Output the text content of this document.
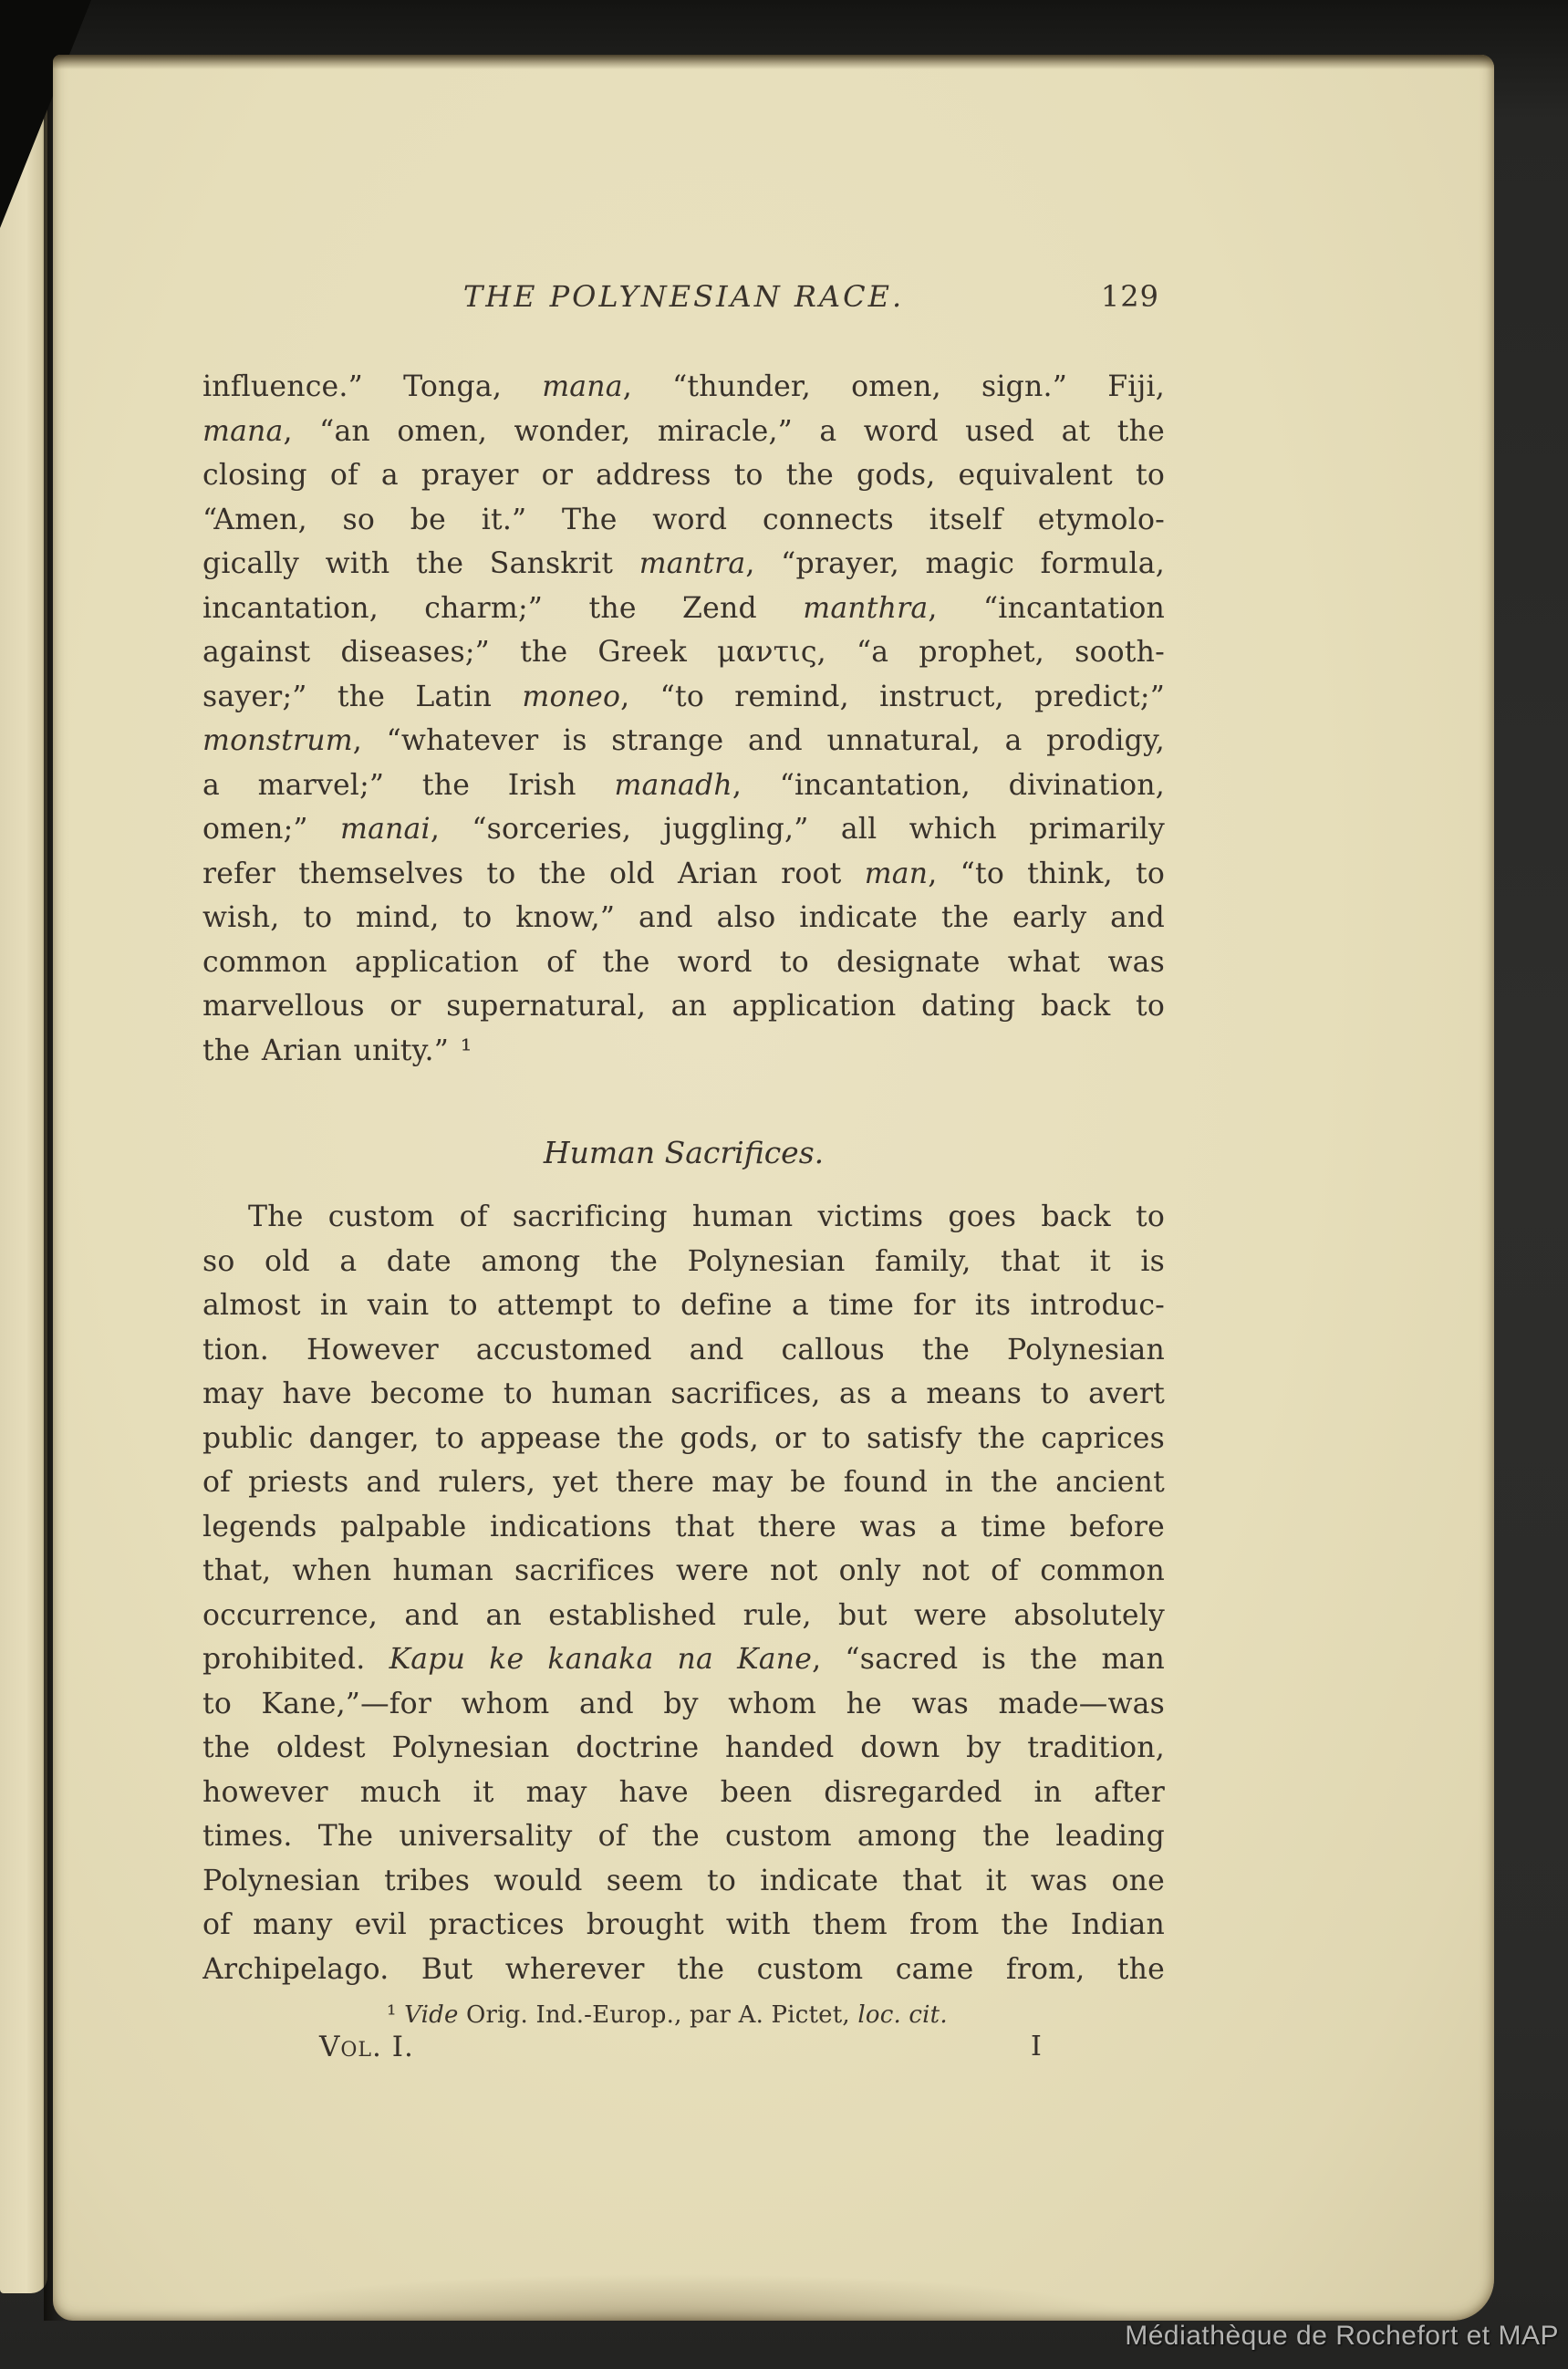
THE POLYNESIAN RACE.	129
influence.” Tonga, mana, “thunder, omen, sign.” Fiji,
mana, “an omen, wonder, miracle,” a word used at the
closing of a prayer or address to the gods, equivalent to
“Amen, so be it.” The word connects itself etymolo-
gically with the Sanskrit mantra, “prayer, magic formula,
incantation, charm;” the Zend manthra, “incantation
against diseases;” the Greek μαντις, “a prophet, sooth-
sayer;” the Latin moneo, “to remind, instruct, predict;”
monstrum, “whatever is strange and unnatural, a prodigy,
a marvel;” the Irish manadh, “incantation, divination,
omen;” manai, “sorceries, juggling,” all which primarily
refer themselves to the old Arian root man, “to think, to
wish, to mind, to know,” and also indicate the early and
common application of the word to designate what was
marvellous or supernatural, an application dating back to
the Arian unity.” ¹
The custom of sacrificing human victims goes back to
so old a date among the Polynesian family, that it is
almost in vain to attempt to define a time for its introduc-
tion. However accustomed and callous the Polynesian
may have become to human sacrifices, as a means to avert
public danger, to appease the gods, or to satisfy the caprices
of priests and rulers, yet there may be found in the ancient
legends palpable indications that there was a time before
that, when human sacrifices were not only not of common
occurrence, and an established rule, but were absolutely
prohibited. Kapu ke kanaka na Kane, “sacred is the man
to Kane,”—for whom and by whom he was made—was
the oldest Polynesian doctrine handed down by tradition,
however much it may have been disregarded in after
times. The universality of the custom among the leading
Polynesian tribes would seem to indicate that it was one
of many evil practices brought with them from the Indian
Archipelago. But wherever the custom came from, the
Human Sacrifices.
¹ Vide Orig. Ind.-Europ., par A. Pictet, loc. cit.
Vol. I.	I
Médiathèque de Rochefort et MAP
